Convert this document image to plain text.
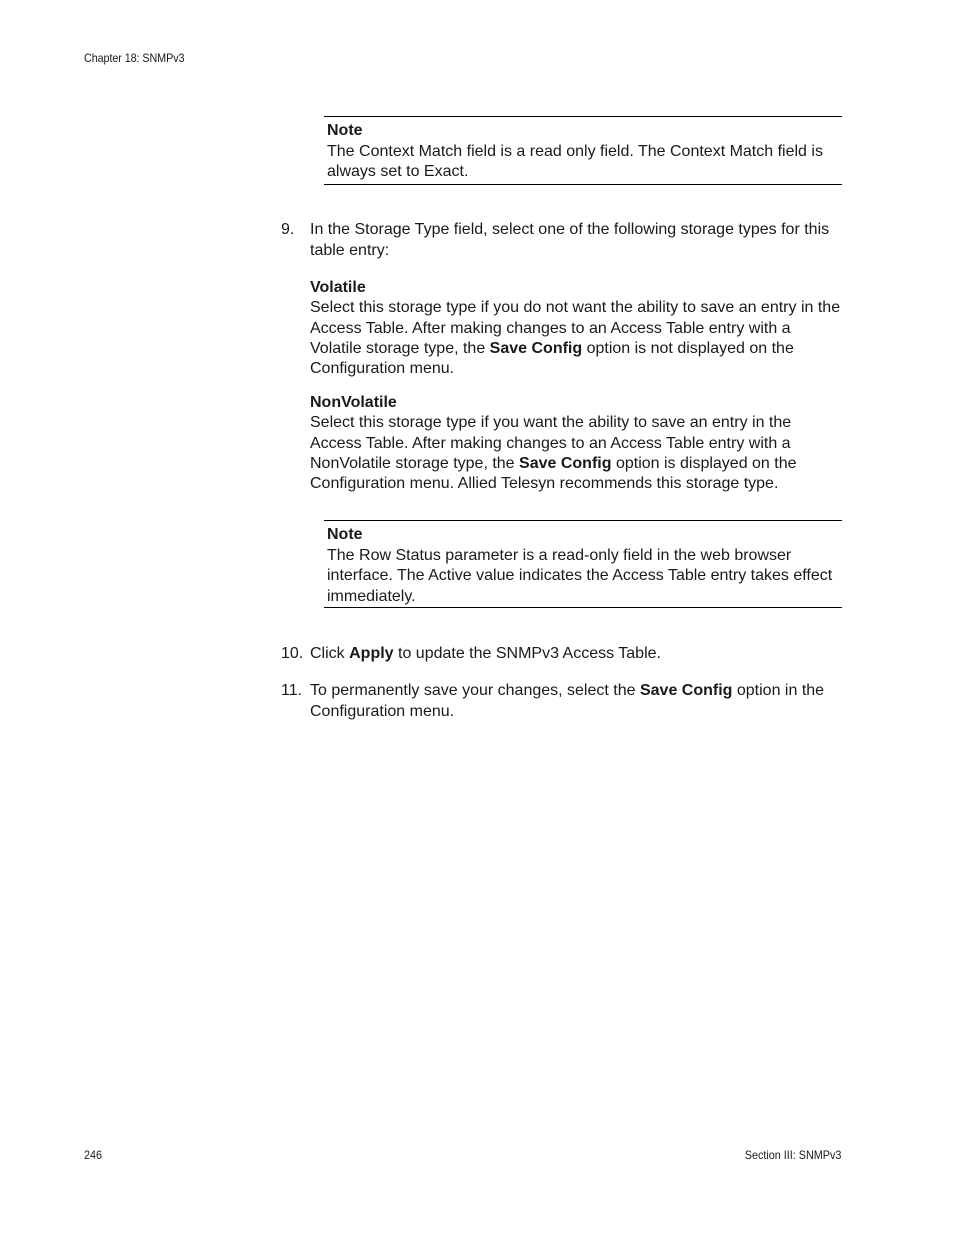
Chapter 18: SNMPv3
Note
The Context Match field is a read only field. The Context Match field is always set to Exact.
9. In the Storage Type field, select one of the following storage types for this table entry:
Volatile
Select this storage type if you do not want the ability to save an entry in the Access Table. After making changes to an Access Table entry with a Volatile storage type, the Save Config option is not displayed on the Configuration menu.
NonVolatile
Select this storage type if you want the ability to save an entry in the Access Table. After making changes to an Access Table entry with a NonVolatile storage type, the Save Config option is displayed on the Configuration menu. Allied Telesyn recommends this storage type.
Note
The Row Status parameter is a read-only field in the web browser interface. The Active value indicates the Access Table entry takes effect immediately.
10. Click Apply to update the SNMPv3 Access Table.
11. To permanently save your changes, select the Save Config option in the Configuration menu.
246	Section III: SNMPv3
